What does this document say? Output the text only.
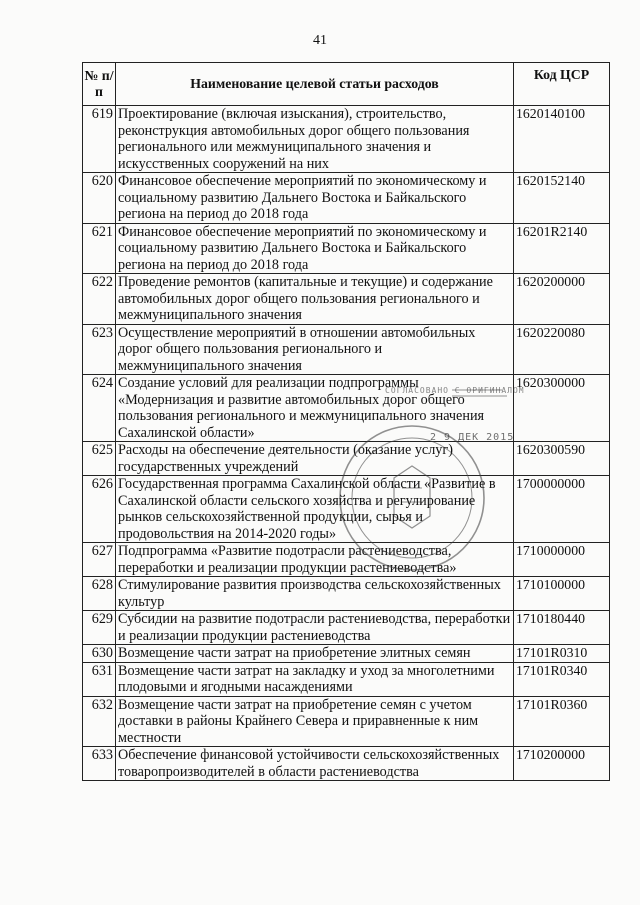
41
№ п/п	Наименование целевой статьи расходов	Код ЦСР
619	Проектирование (включая изыскания), строительство, реконструкция автомобильных дорог общего пользования регионального или межмуниципального значения и искусственных сооружений на них	1620140100
620	Финансовое обеспечение мероприятий по экономическому и социальному развитию Дальнего Востока и Байкальского региона на период до 2018 года	1620152140
621	Финансовое обеспечение мероприятий по экономическому и социальному развитию Дальнего Востока и Байкальского региона на период до 2018 года	16201R2140
622	Проведение ремонтов (капитальные и текущие) и содержание автомобильных дорог общего пользования регионального и межмуниципального значения	1620200000
623	Осуществление мероприятий в отношении автомобильных дорог общего пользования регионального и межмуниципального значения	1620220080
624	Создание условий для реализации подпрограммы «Модернизация и развитие автомобильных дорог общего пользования регионального и межмуниципального значения Сахалинской области»	1620300000
625	Расходы на обеспечение деятельности (оказание услуг) государственных учреждений	1620300590
626	Государственная программа Сахалинской области «Развитие в Сахалинской области сельского хозяйства и регулирование рынков сельскохозяйственной продукции, сырья и продовольствия на 2014-2020 годы»	1700000000
627	Подпрограмма «Развитие подотрасли растениеводства, переработки и реализации продукции растениеводства»	1710000000
628	Стимулирование развития производства сельскохозяйственных культур	1710100000
629	Субсидии на развитие подотрасли растениеводства, переработки и реализации продукции растениеводства	1710180440
630	Возмещение части затрат на приобретение элитных семян	17101R0310
631	Возмещение части затрат на закладку и уход за многолетними плодовыми и ягодными насаждениями	17101R0340
632	Возмещение части затрат на приобретение семян с учетом доставки в районы Крайнего Севера и приравненные к ним местности	17101R0360
633	Обеспечение финансовой устойчивости сельскохозяйственных товаропроизводителей в области растениеводства	1710200000
СОГЛАСОВАНО С ОРИГИНАЛОМ
2 9 ДЕК 2015
